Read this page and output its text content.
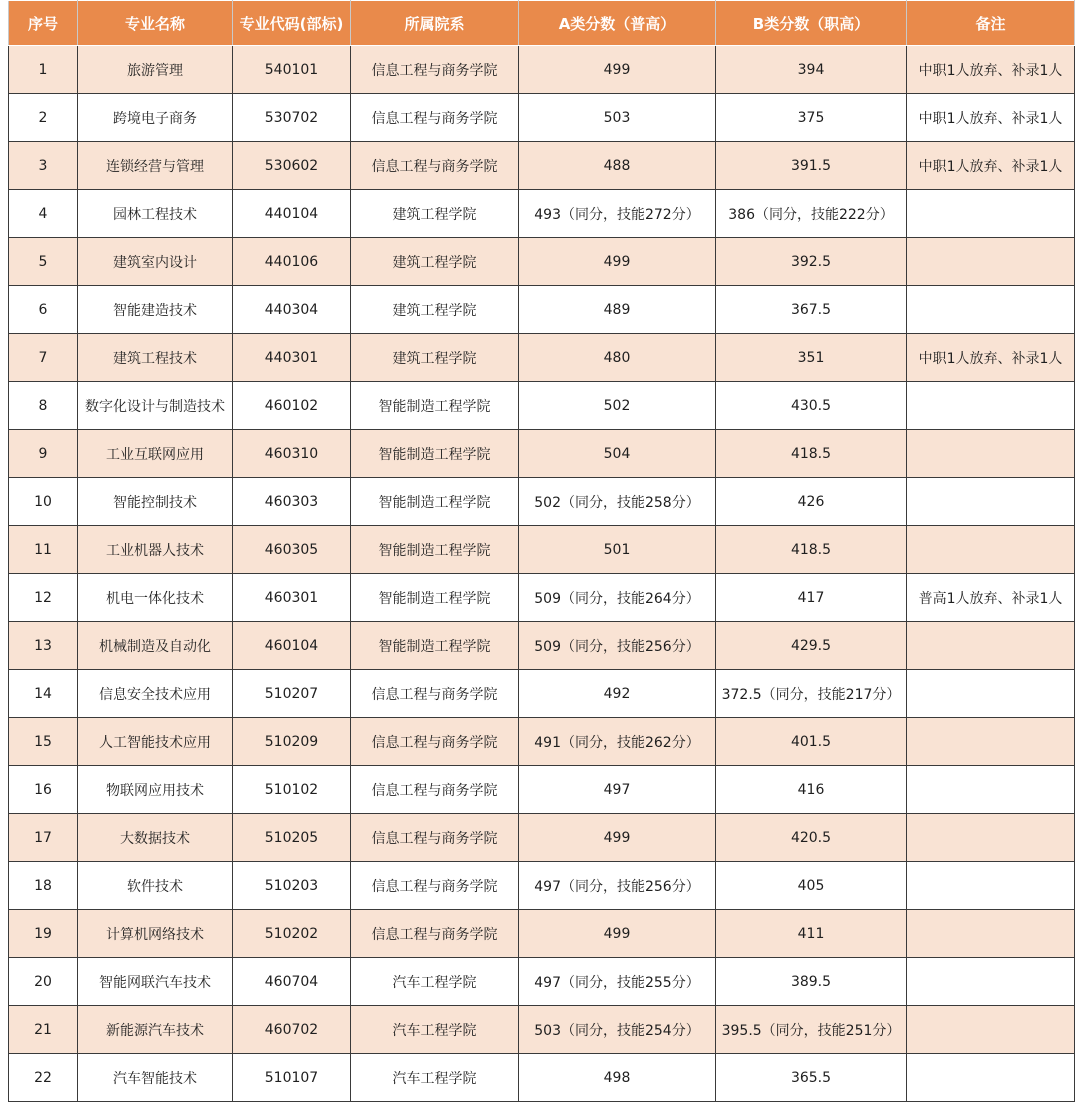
序号	专业名称	专业代码(部标)	所属院系	A类分数（普高）	B类分数（职高）	备注
1	旅游管理	540101	信息工程与商务学院	499	394	中职1人放弃、补录1人
2	跨境电子商务	530702	信息工程与商务学院	503	375	中职1人放弃、补录1人
3	连锁经营与管理	530602	信息工程与商务学院	488	391.5	中职1人放弃、补录1人
4	园林工程技术	440104	建筑工程学院	493（同分，技能272分）	386（同分，技能222分）	
5	建筑室内设计	440106	建筑工程学院	499	392.5	
6	智能建造技术	440304	建筑工程学院	489	367.5	
7	建筑工程技术	440301	建筑工程学院	480	351	中职1人放弃、补录1人
8	数字化设计与制造技术	460102	智能制造工程学院	502	430.5	
9	工业互联网应用	460310	智能制造工程学院	504	418.5	
10	智能控制技术	460303	智能制造工程学院	502（同分，技能258分）	426	
11	工业机器人技术	460305	智能制造工程学院	501	418.5	
12	机电一体化技术	460301	智能制造工程学院	509（同分，技能264分）	417	普高1人放弃、补录1人
13	机械制造及自动化	460104	智能制造工程学院	509（同分，技能256分）	429.5	
14	信息安全技术应用	510207	信息工程与商务学院	492	372.5（同分，技能217分）	
15	人工智能技术应用	510209	信息工程与商务学院	491（同分，技能262分）	401.5	
16	物联网应用技术	510102	信息工程与商务学院	497	416	
17	大数据技术	510205	信息工程与商务学院	499	420.5	
18	软件技术	510203	信息工程与商务学院	497（同分，技能256分）	405	
19	计算机网络技术	510202	信息工程与商务学院	499	411	
20	智能网联汽车技术	460704	汽车工程学院	497（同分，技能255分）	389.5	
21	新能源汽车技术	460702	汽车工程学院	503（同分，技能254分）	395.5（同分，技能251分）	
22	汽车智能技术	510107	汽车工程学院	498	365.5	
